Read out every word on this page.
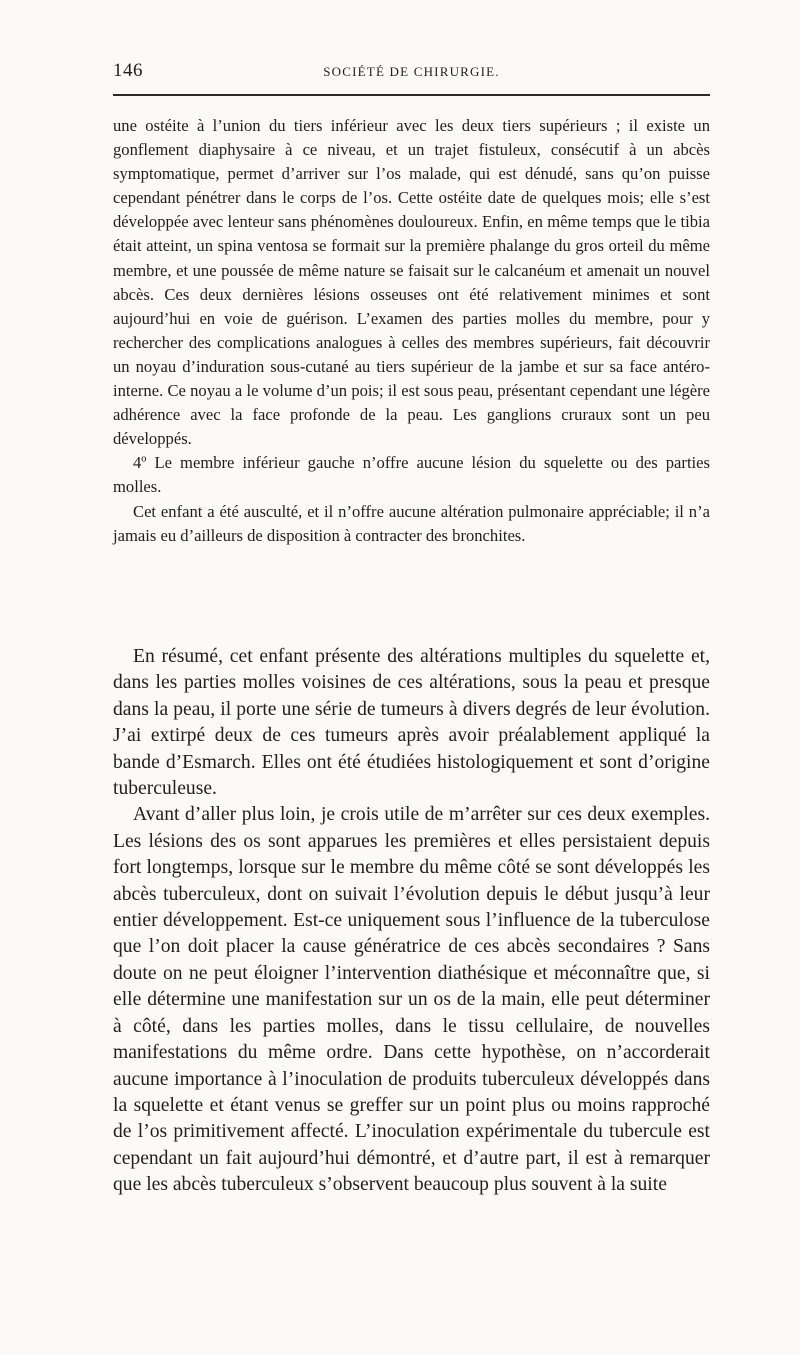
146	SOCIÉTÉ DE CHIRURGIE.

une ostéite à l’union du tiers inférieur avec les deux tiers supérieurs ; il existe un gonflement diaphysaire à ce niveau, et un trajet fistuleux, consécutif à un abcès symptomatique, permet d’arriver sur l’os malade, qui est dénudé, sans qu’on puisse cependant pénétrer dans le corps de l’os. Cette ostéite date de quelques mois; elle s’est développée avec lenteur sans phénomènes douloureux. Enfin, en même temps que le tibia était atteint, un spina ventosa se formait sur la première phalange du gros orteil du même membre, et une poussée de même nature se faisait sur le calcanéum et amenait un nouvel abcès. Ces deux dernières lésions osseuses ont été relativement minimes et sont aujourd’hui en voie de guérison. L’examen des parties molles du membre, pour y rechercher des complications analogues à celles des membres supérieurs, fait découvrir un noyau d’induration sous-cutané au tiers supérieur de la jambe et sur sa face antéro-interne. Ce noyau a le volume d’un pois; il est sous peau, présentant cependant une légère adhérence avec la face profonde de la peau. Les ganglions cruraux sont un peu développés.

4º Le membre inférieur gauche n’offre aucune lésion du squelette ou des parties molles.

Cet enfant a été ausculté, et il n’offre aucune altération pulmonaire appréciable; il n’a jamais eu d’ailleurs de disposition à contracter des bronchites.

En résumé, cet enfant présente des altérations multiples du squelette et, dans les parties molles voisines de ces altérations, sous la peau et presque dans la peau, il porte une série de tumeurs à divers degrés de leur évolution. J’ai extirpé deux de ces tumeurs après avoir préalablement appliqué la bande d’Esmarch. Elles ont été étudiées histologiquement et sont d’origine tuberculeuse.

Avant d’aller plus loin, je crois utile de m’arrêter sur ces deux exemples. Les lésions des os sont apparues les premières et elles persistaient depuis fort longtemps, lorsque sur le membre du même côté se sont développés les abcès tuberculeux, dont on suivait l’évolution depuis le début jusqu’à leur entier développement. Est-ce uniquement sous l’influence de la tuberculose que l’on doit placer la cause génératrice de ces abcès secondaires ? Sans doute on ne peut éloigner l’intervention diathésique et méconnaître que, si elle détermine une manifestation sur un os de la main, elle peut déterminer à côté, dans les parties molles, dans le tissu cellulaire, de nouvelles manifestations du même ordre. Dans cette hypothèse, on n’accorderait aucune importance à l’inoculation de produits tuberculeux développés dans la squelette et étant venus se greffer sur un point plus ou moins rapproché de l’os primitivement affecté. L’inoculation expérimentale du tubercule est cependant un fait aujourd’hui démontré, et d’autre part, il est à remarquer que les abcès tuberculeux s’observent beaucoup plus souvent à la suite
